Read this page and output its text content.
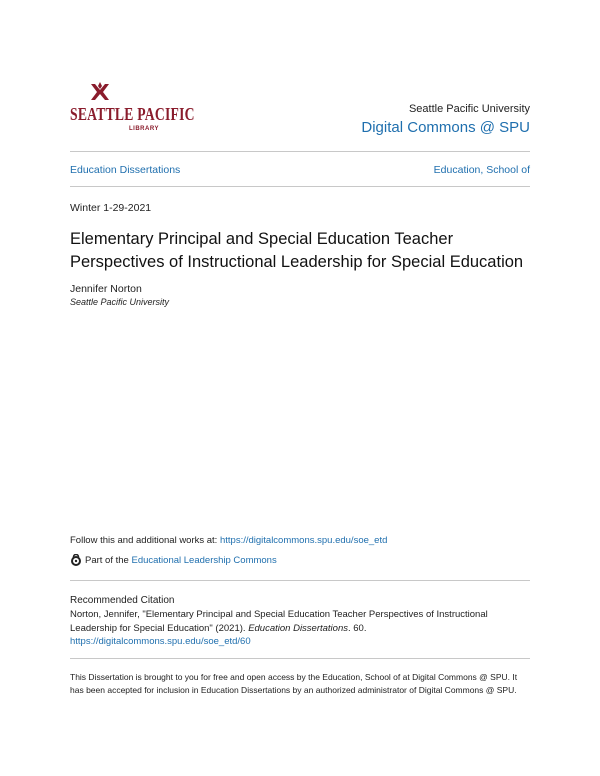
SEATTLE PACIFIC
LIBRARY
Seattle Pacific University
Digital Commons @ SPU
Education Dissertations	Education, School of
Winter 1-29-2021
Elementary Principal and Special Education Teacher Perspectives of Instructional Leadership for Special Education
Jennifer Norton
Seattle Pacific University
Follow this and additional works at: https://digitalcommons.spu.edu/soe_etd
Part of the
Educational Leadership Commons
Recommended Citation
Norton, Jennifer, "Elementary Principal and Special Education Teacher Perspectives of Instructional Leadership for Special Education" (2021). Education Dissertations. 60.
https://digitalcommons.spu.edu/soe_etd/60
This Dissertation is brought to you for free and open access by the Education, School of at Digital Commons @ SPU. It has been accepted for inclusion in Education Dissertations by an authorized administrator of Digital Commons @ SPU.
